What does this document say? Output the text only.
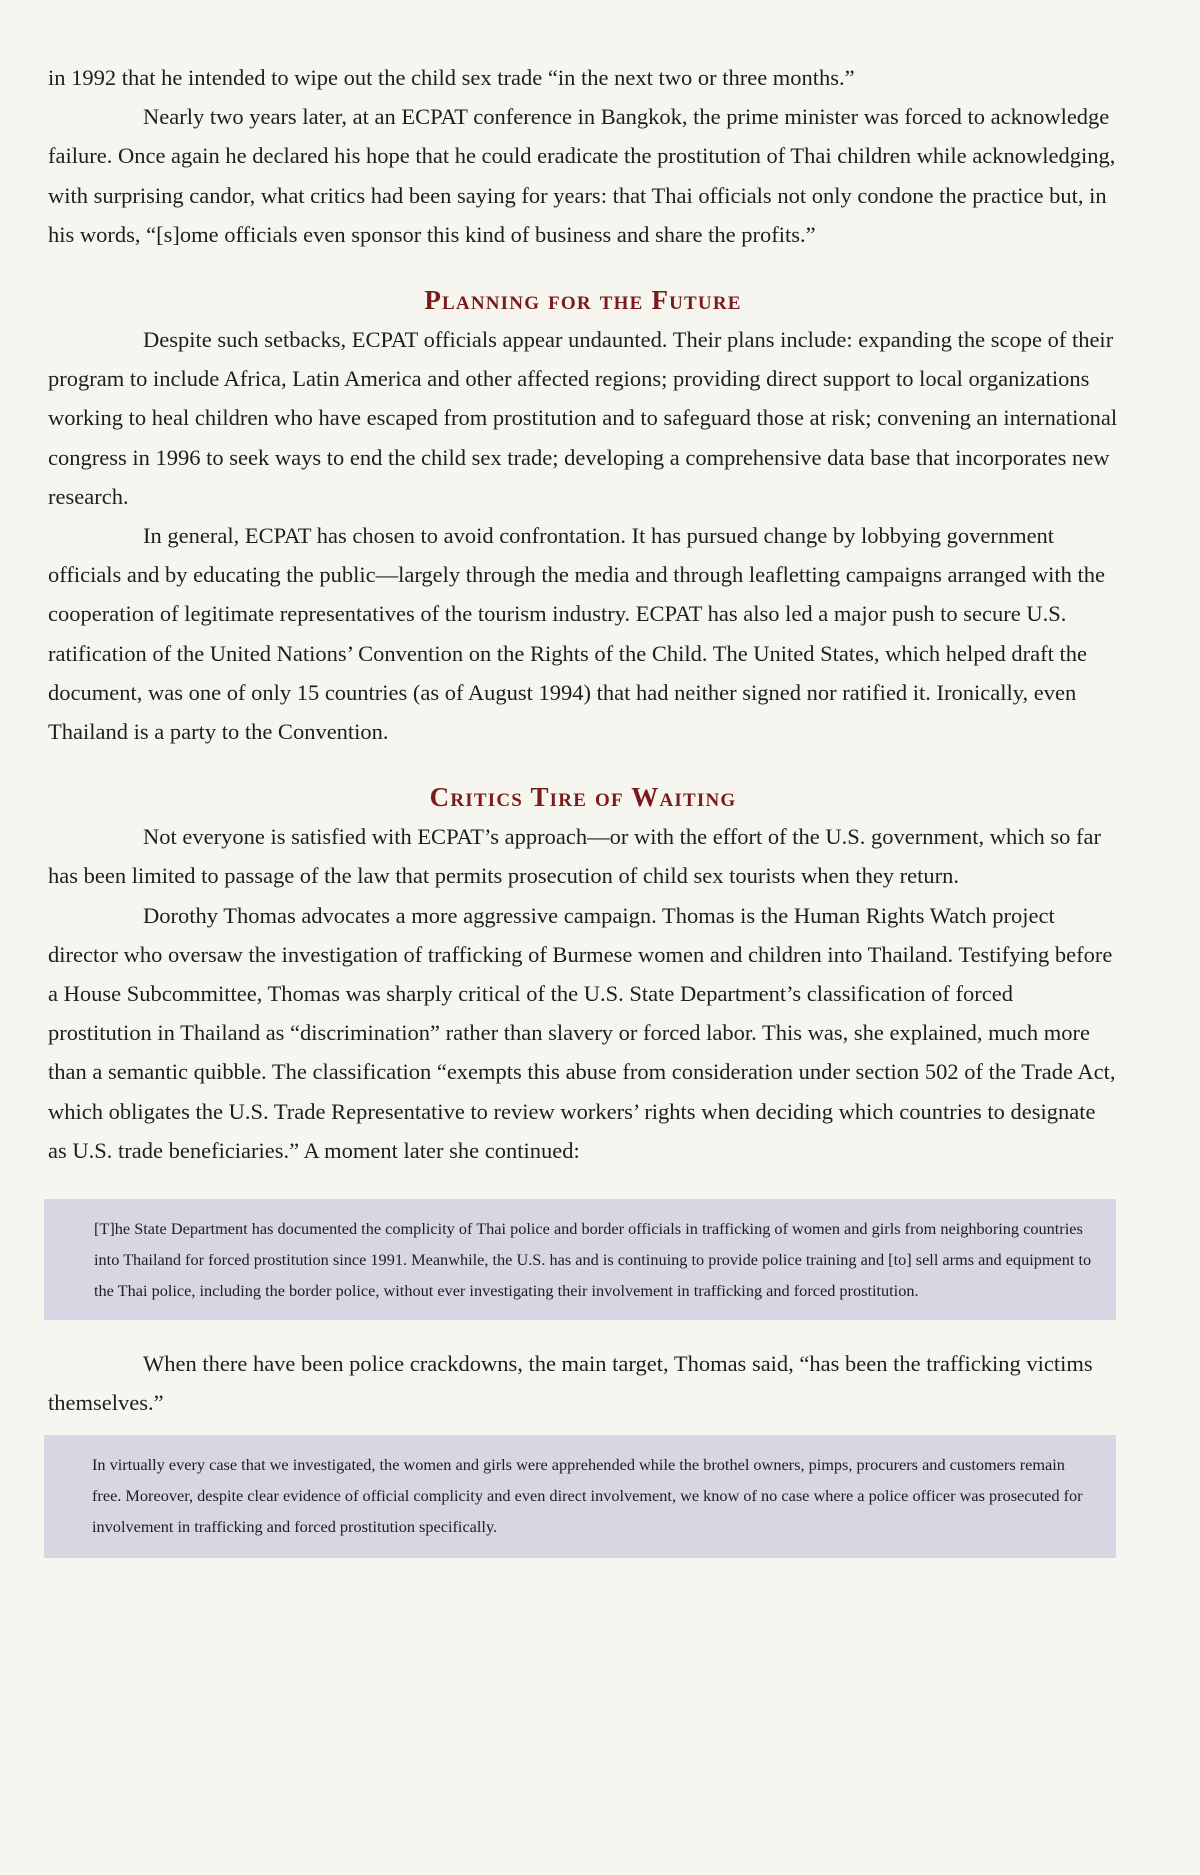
in 1992 that he intended to wipe out the child sex trade “in the next two or three months.”

Nearly two years later, at an ECPAT conference in Bangkok, the prime minister was forced to acknowledge failure. Once again he declared his hope that he could eradicate the prostitution of Thai children while acknowledging, with surprising candor, what critics had been saying for years: that Thai officials not only condone the practice but, in his words, “[s]ome officials even sponsor this kind of business and share the profits.”

Planning for the Future

Despite such setbacks, ECPAT officials appear undaunted. Their plans include: expanding the scope of their program to include Africa, Latin America and other affected regions; providing direct support to local organizations working to heal children who have escaped from prostitution and to safeguard those at risk; convening an international congress in 1996 to seek ways to end the child sex trade; developing a comprehensive data base that incorporates new research.

In general, ECPAT has chosen to avoid confrontation. It has pursued change by lobbying government officials and by educating the public—largely through the media and through leafletting campaigns arranged with the cooperation of legitimate representatives of the tourism industry. ECPAT has also led a major push to secure U.S. ratification of the United Nations’ Convention on the Rights of the Child. The United States, which helped draft the document, was one of only 15 countries (as of August 1994) that had neither signed nor ratified it. Ironically, even Thailand is a party to the Convention.

Critics Tire of Waiting

Not everyone is satisfied with ECPAT’s approach—or with the effort of the U.S. government, which so far has been limited to passage of the law that permits prosecution of child sex tourists when they return.

Dorothy Thomas advocates a more aggressive campaign. Thomas is the Human Rights Watch project director who oversaw the investigation of trafficking of Burmese women and children into Thailand. Testifying before a House Subcommittee, Thomas was sharply critical of the U.S. State Department’s classification of forced prostitution in Thailand as “discrimination” rather than slavery or forced labor. This was, she explained, much more than a semantic quibble. The classification “exempts this abuse from consideration under section 502 of the Trade Act, which obligates the U.S. Trade Representative to review workers’ rights when deciding which countries to designate as U.S. trade beneficiaries.” A moment later she continued:

[T]he State Department has documented the complicity of Thai police and border officials in trafficking of women and girls from neighboring countries into Thailand for forced prostitution since 1991. Meanwhile, the U.S. has and is continuing to provide police training and [to] sell arms and equipment to the Thai police, including the border police, without ever investigating their involvement in trafficking and forced prostitution.

When there have been police crackdowns, the main target, Thomas said, “has been the trafficking victims themselves.”

In virtually every case that we investigated, the women and girls were apprehended while the brothel owners, pimps, procurers and customers remain free. Moreover, despite clear evidence of official complicity and even direct involvement, we know of no case where a police officer was prosecuted for involvement in trafficking and forced prostitution specifically.
